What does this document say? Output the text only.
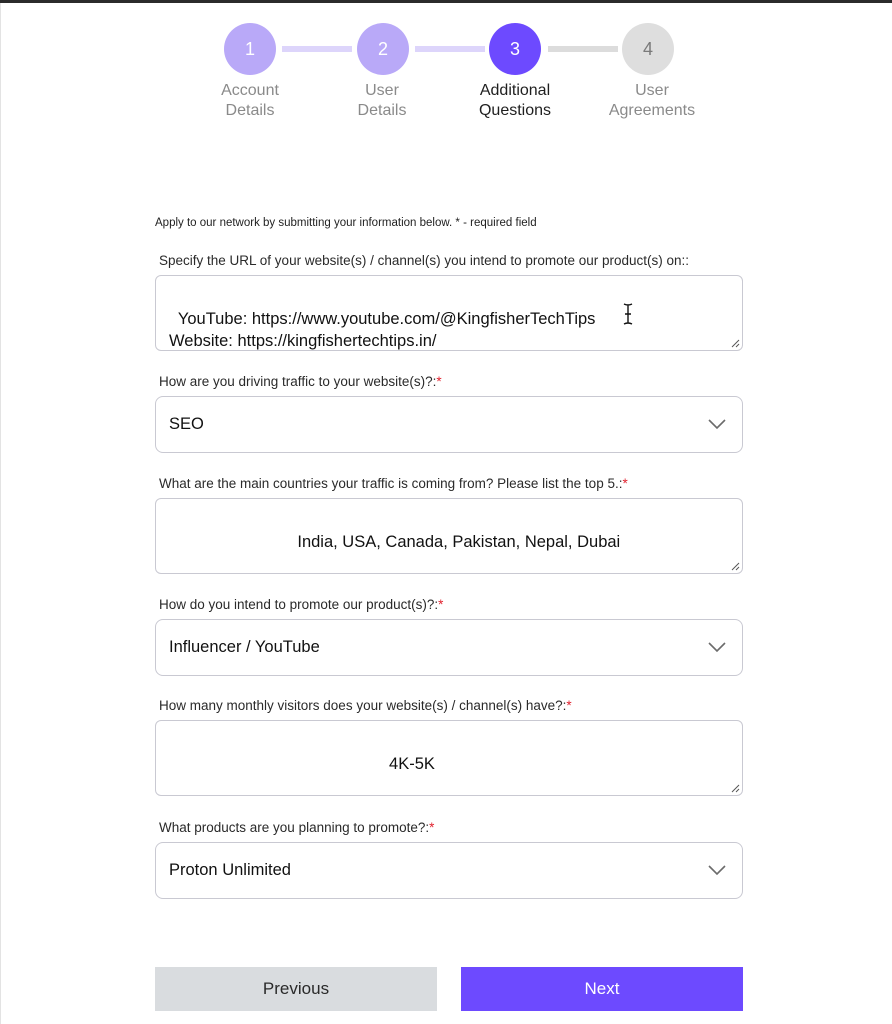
1	2	3	4
Account
Details
User
Details
Additional
Questions
User
Agreements
Apply to our network by submitting your information below. * - required field
Specify the URL of your website(s) / channel(s) you intend to promote our product(s) on::

YouTube: https://www.youtube.com/@KingfisherTechTips
Website: https://kingfishertechtips.in/

How are you driving traffic to your website(s)?:*
SEO
What are the main countries your traffic is coming from? Please list the top 5.:*

India, USA, Canada, Pakistan, Nepal, Dubai

How do you intend to promote our product(s)?:*
Influencer / YouTube
How many monthly visitors does your website(s) / channel(s) have?:*

4K-5K

What products are you planning to promote?:*
Proton Unlimited
Previous	Next
